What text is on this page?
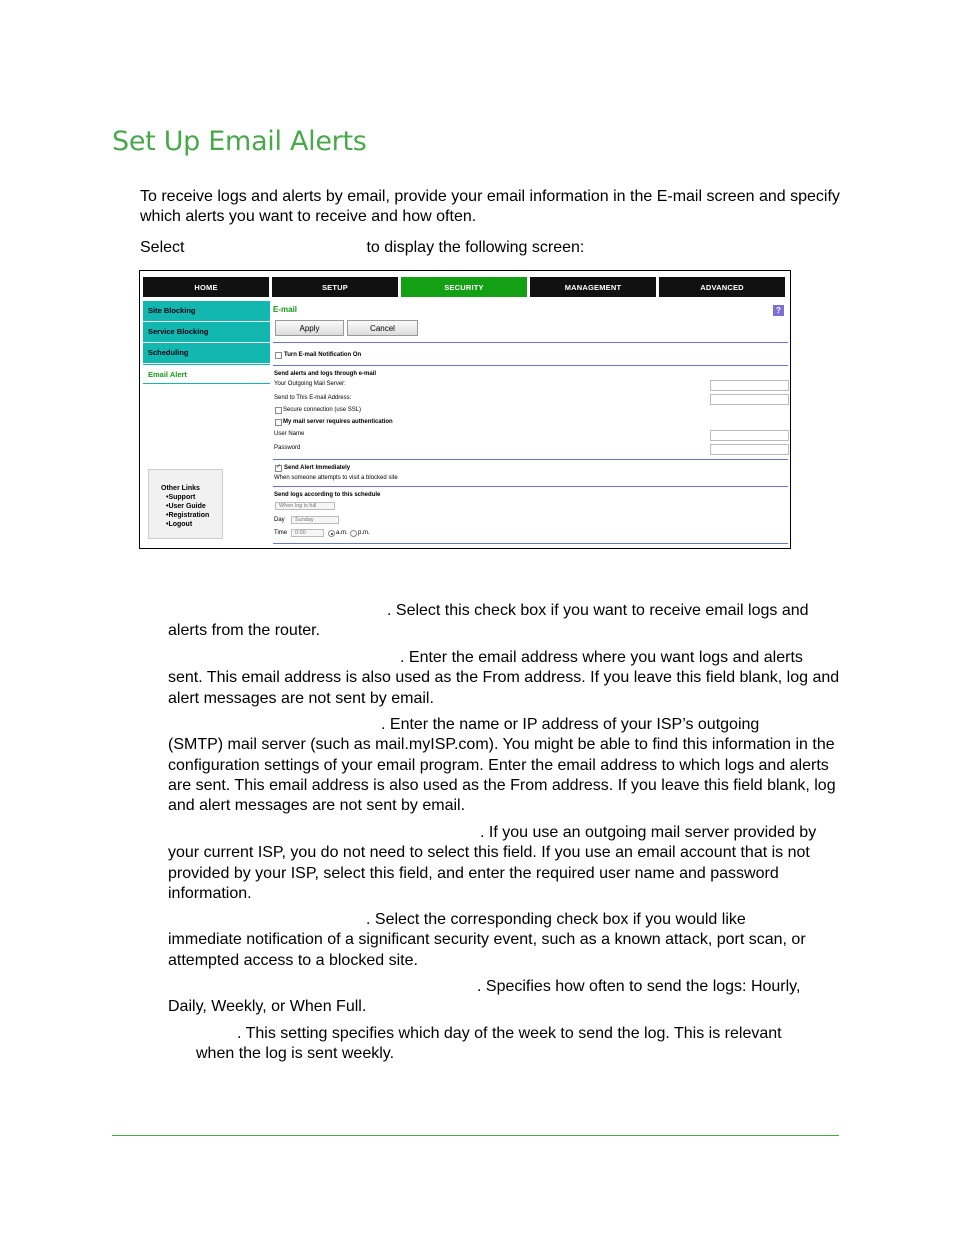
Set Up Email Alerts
To receive logs and alerts by email, provide your email information in the E-mail screen and specify which alerts you want to receive and how often.
Select	to display the following screen:
HOME	SETUP	SECURITY	MANAGEMENT	ADVANCED
Site Blocking
Service Blocking
Scheduling
Email Alert
Other Links
• Support
• User Guide
• Registration
• Logout
E-mail	?
Apply	Cancel
Turn E-mail Notification On
Send alerts and logs through e-mail
Your Outgoing Mail Server:
Send to This E-mail Address:
Secure connection (use SSL)
My mail server requires authentication
User Name
Password
✓
Send Alert Immediately
When someone attempts to visit a blocked site
Send logs according to this schedule
When log is full
Day	Sunday
Time	0:00	a.m. p.m.
. Select this check box if you want to receive email logs and
alerts from the router.
. Enter the email address where you want logs and alerts
sent. This email address is also used as the From address. If you leave this field blank, log and alert messages are not sent by email.
. Enter the name or IP address of your ISP’s outgoing
(SMTP) mail server (such as mail.myISP.com). You might be able to find this information in the configuration settings of your email program. Enter the email address to which logs and alerts are sent. This email address is also used as the From address. If you leave this field blank, log and alert messages are not sent by email.
. If you use an outgoing mail server provided by
your current ISP, you do not need to select this field. If you use an email account that is not provided by your ISP, select this field, and enter the required user name and password information.
. Select the corresponding check box if you would like
immediate notification of a significant security event, such as a known attack, port scan, or attempted access to a blocked site.
. Specifies how often to send the logs: Hourly,
Daily, Weekly, or When Full.
. This setting specifies which day of the week to send the log. This is relevant
when the log is sent weekly.
